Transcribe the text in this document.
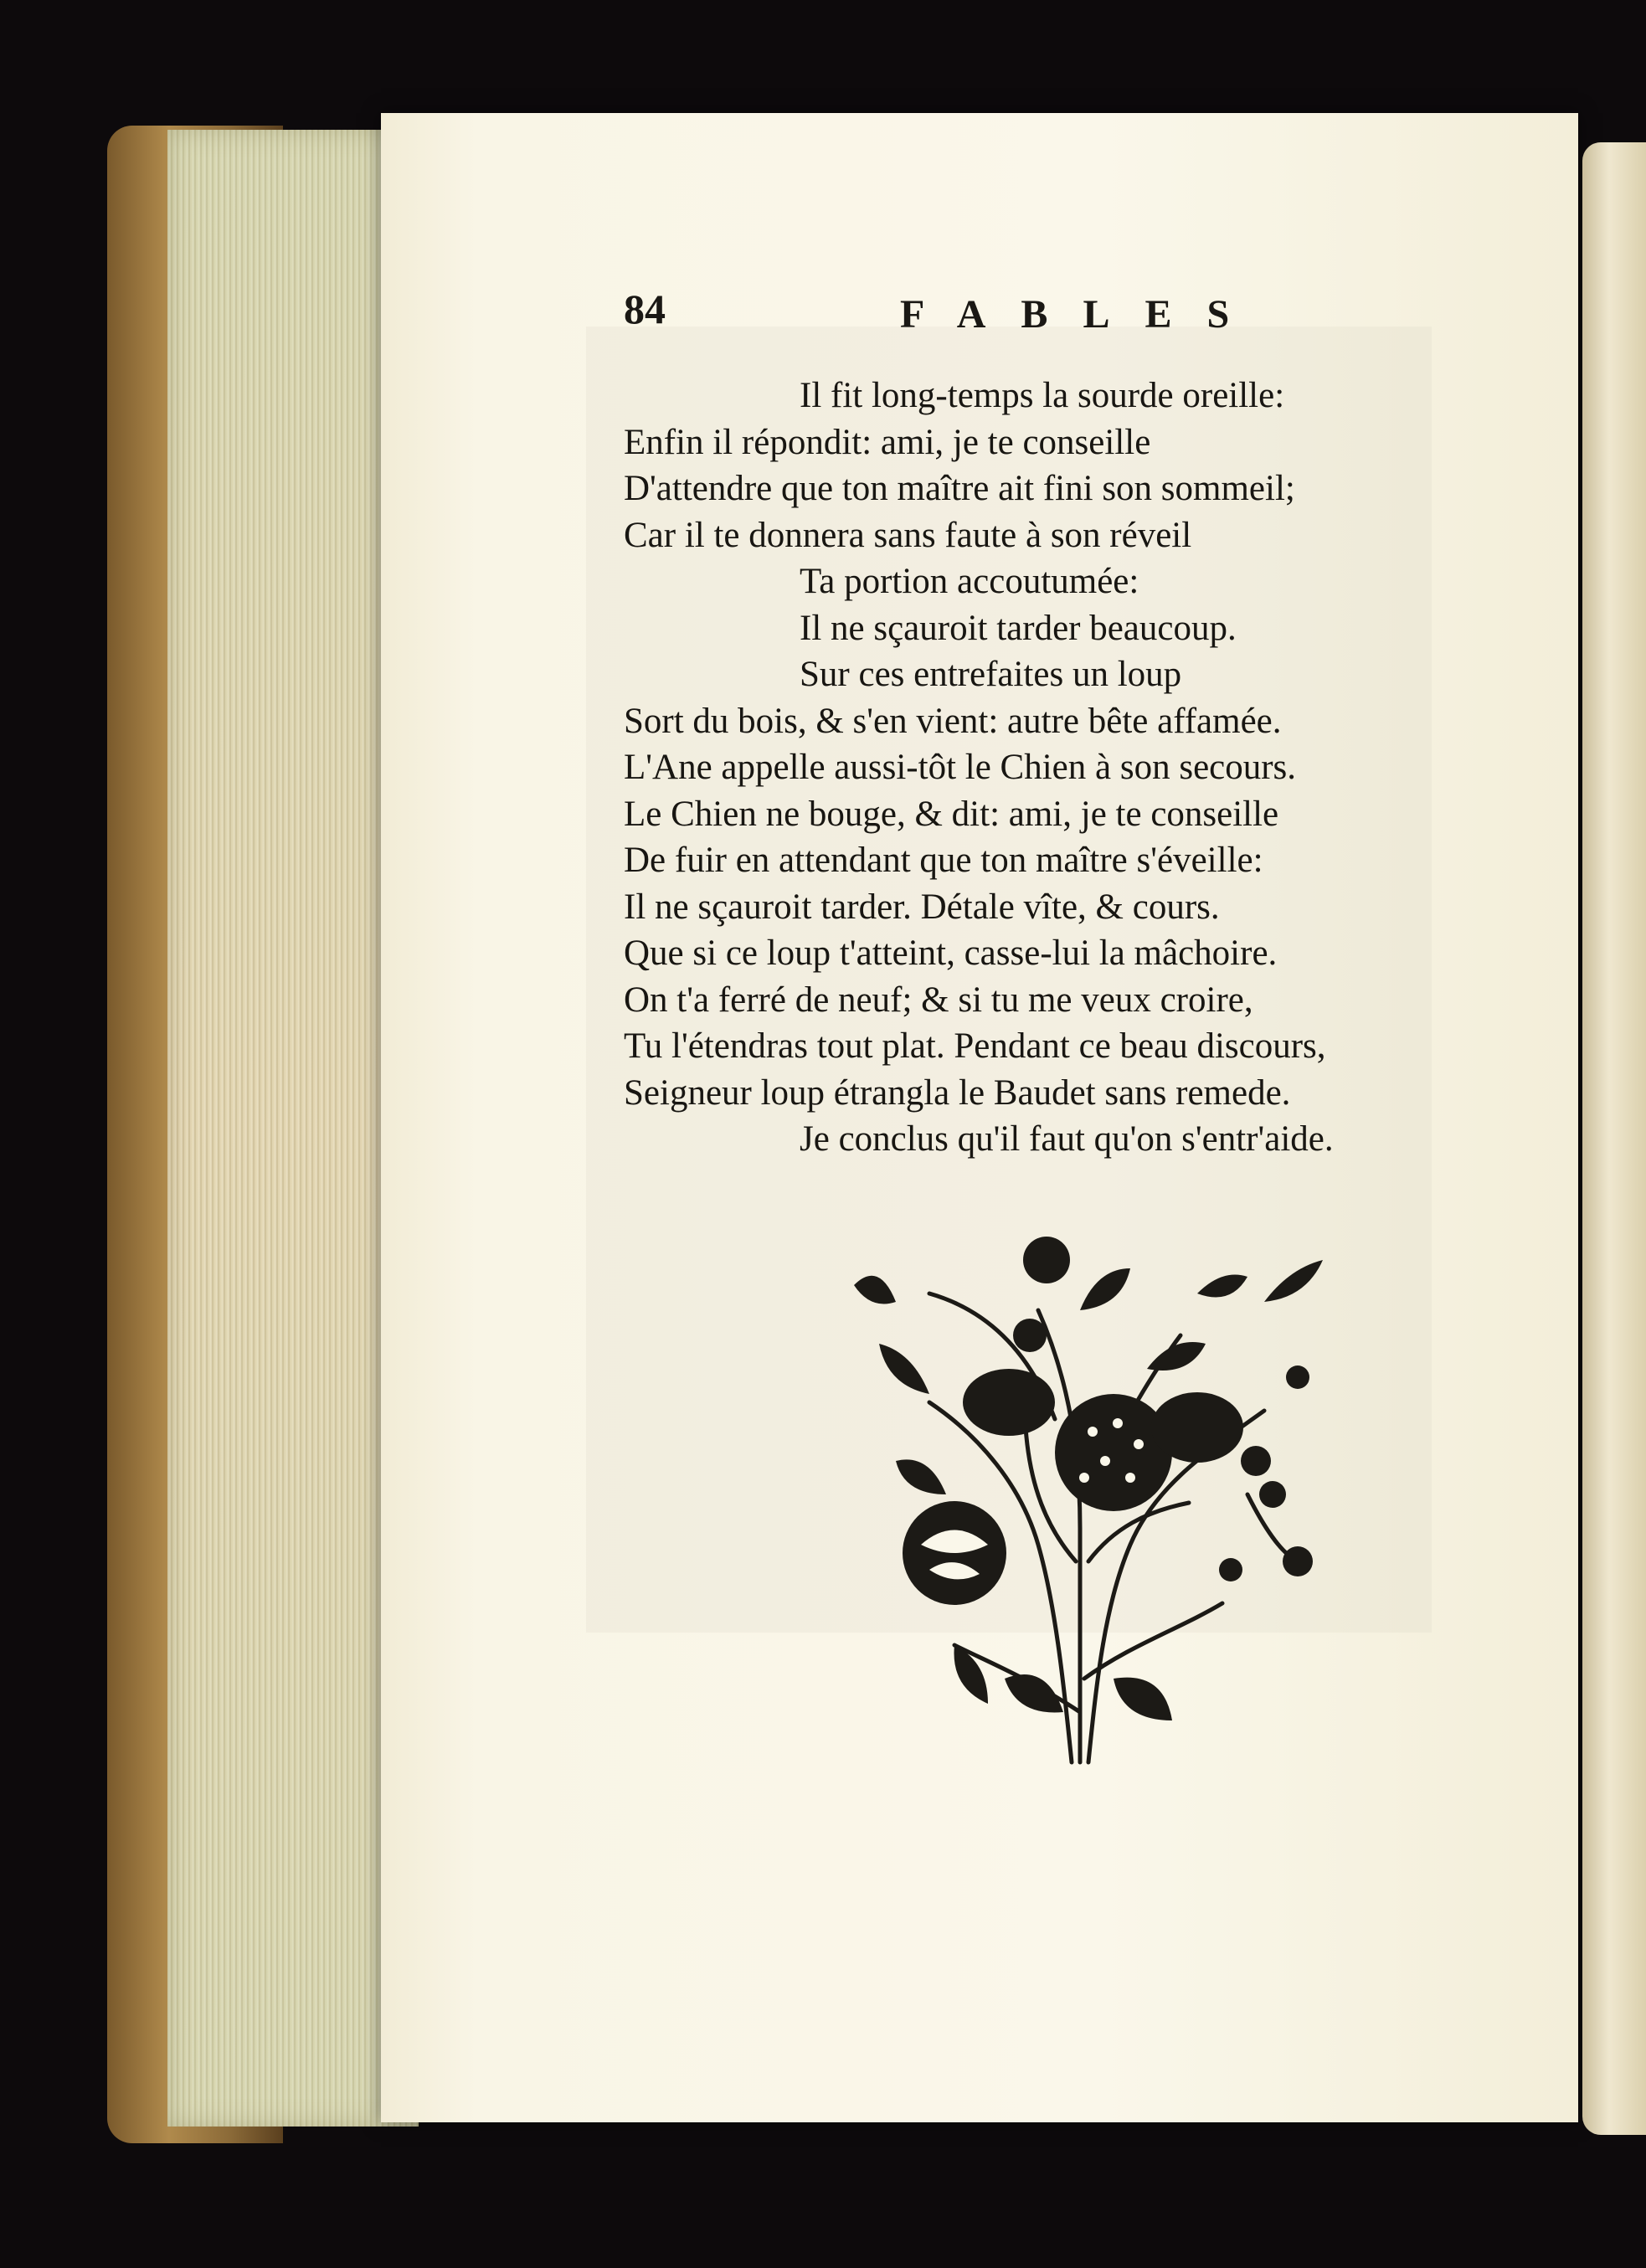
84	FABLES
Il fit long-temps la sourde oreille:
Enfin il répondit: ami, je te conseille
D'attendre que ton maître ait fini son sommeil;
Car il te donnera sans faute à son réveil
Ta portion accoutumée:
Il ne sçauroit tarder beaucoup.
Sur ces entrefaites un loup
Sort du bois, & s'en vient: autre bête affamée.
L'Ane appelle aussi-tôt le Chien à son secours.
Le Chien ne bouge, & dit: ami, je te conseille
De fuir en attendant que ton maître s'éveille:
Il ne sçauroit tarder. Détale vîte, & cours.
Que si ce loup t'atteint, casse-lui la mâchoire.
On t'a ferré de neuf; & si tu me veux croire,
Tu l'étendras tout plat. Pendant ce beau discours,
Seigneur loup étrangla le Baudet sans remede.
Je conclus qu'il faut qu'on s'entr'aide.
